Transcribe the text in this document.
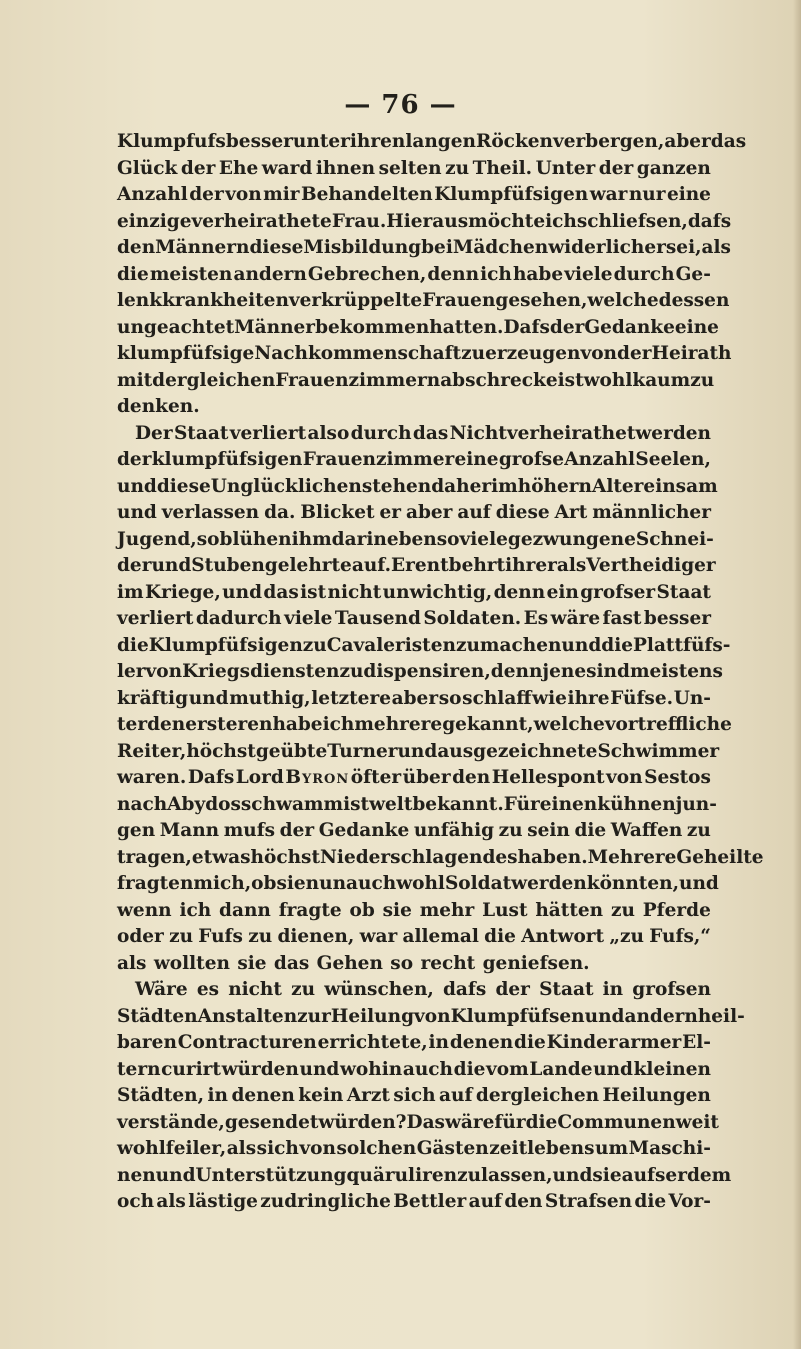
— 76 —
Klumpfufs besser unter ihren langen Röcken verbergen, aber das
Glück der Ehe ward ihnen selten zu Theil. Unter der ganzen
Anzahl der von mir Behandelten Klumpfüfsigen war nur eine
einzige verheirathete Frau. Hieraus möchte ich schliefsen, dafs
den Männern diese Misbildung bei Mädchen widerlicher sei, als
die meisten andern Gebrechen, denn ich habe viele durch Ge-
lenkkrankheiten verkrüppelte Frauen gesehen, welche dessen
ungeachtet Männer bekommen hatten. Dafs der Gedanke eine
klumpfüfsige Nachkommenschaft zu erzeugen von der Heirath
mit dergleichen Frauenzimmern abschrecke ist wohl kaum zu
denken.
Der Staat verliert also durch das Nichtverheirathetwerden
der klumpfüfsigen Frauenzimmer eine grofse Anzahl Seelen,
und diese Unglücklichen stehen daher im höhern Alter einsam
und verlassen da. Blicket er aber auf diese Art männlicher
Jugend, so blühen ihm darin eben so viele gezwungene Schnei-
der und Stubengelehrte auf. Er entbehrt ihrer als Vertheidiger
im Kriege, und das ist nicht unwichtig, denn ein grofser Staat
verliert dadurch viele Tausend Soldaten. Es wäre fast besser
die Klumpfüfsigen zu Cavaleristen zu machen und die Plattfüfs-
ler von Kriegsdiensten zu dispensiren, denn jene sind meistens
kräftig und muthig, letztere aber so schlaff wie ihre Füfse. Un-
ter den ersteren habe ich mehrere gekannt, welche vortreffliche
Reiter, höchst geübte Turner und ausgezeichnete Schwimmer
waren. Dafs Lord Byron öfter über den Hellespont von Sestos
nach Abydos schwamm ist weltbekannt. Für einen kühnen jun-
gen Mann mufs der Gedanke unfähig zu sein die Waffen zu
tragen, etwas höchst Niederschlagendes haben. Mehrere Geheilte
fragten mich, ob sie nun auch wohl Soldat werden könnten, und
wenn ich dann fragte ob sie mehr Lust hätten zu Pferde
oder zu Fufs zu dienen, war allemal die Antwort „zu Fufs,“
als wollten sie das Gehen so recht geniefsen.
Wäre es nicht zu wünschen, dafs der Staat in grofsen
Städten Anstalten zur Heilung von Klumpfüfsen und andern heil-
baren Contracturen errichtete, in denen die Kinder armer El-
tern curirt würden und wohin auch die vom Lande und kleinen
Städten, in denen kein Arzt sich auf dergleichen Heilungen
verstände, gesendet würden? Das wäre für die Communen weit
wohlfeiler, als sich von solchen Gästen zeitlebens um Maschi-
nen und Unterstützung quäruliren zu lassen, und sie aufserdem
och als lästige zudringliche Bettler auf den Strafsen die Vor-
